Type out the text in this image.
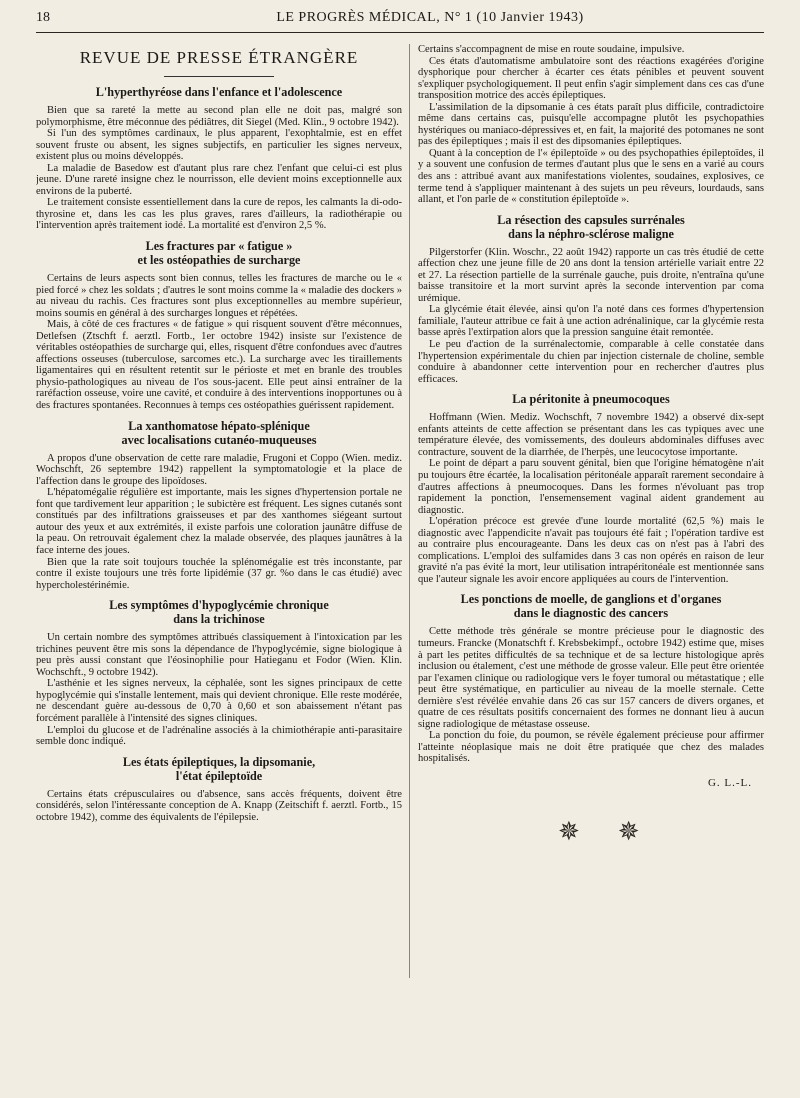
18	LE PROGRÈS MÉDICAL, N° 1 (10 Janvier 1943)
REVUE DE PRESSE ÉTRANGÈRE
L'hyperthyréose dans l'enfance et l'adolescence

Bien que sa rareté la mette au second plan elle ne doit pas, malgré son polymorphisme, être méconnue des pédiâtres, dit Siegel (Med. Klin., 9 octobre 1942).

Si l'un des symptômes cardinaux, le plus apparent, l'exophtalmie, est en effet souvent fruste ou absent, les signes subjectifs, en particulier les signes nerveux, existent plus ou moins développés.

La maladie de Basedow est d'autant plus rare chez l'enfant que celui-ci est plus jeune. D'une rareté insigne chez le nourrisson, elle devient moins exceptionnelle aux environs de la puberté.

Le traitement consiste essentiellement dans la cure de repos, les calmants la di-odo-thyrosine et, dans les cas les plus graves, rares d'ailleurs, la radiothérapie ou l'intervention après traitement iodé. La mortalité est d'environ 2,5 %.

Les fractures par « fatigue »
et les ostéopathies de surcharge

Certains de leurs aspects sont bien connus, telles les fractures de marche ou le « pied forcé » chez les soldats ; d'autres le sont moins comme la « maladie des dockers » au niveau du rachis. Ces fractures sont plus exceptionnelles au membre supérieur, moins soumis en général à des surcharges longues et répétées.

Mais, à côté de ces fractures « de fatigue » qui risquent souvent d'être méconnues, Detlefsen (Ztschft f. aerztl. Fortb., 1er octobre 1942) insiste sur l'existence de véritables ostéopathies de surcharge qui, elles, risquent d'être confondues avec d'autres affections osseuses (tuberculose, sarcomes etc.). La surcharge avec les tiraillements ligamentaires qui en résultent retentit sur le périoste et met en branle des troubles physio-pathologiques au niveau de l'os sous-jacent. Elle peut ainsi entraîner de la raréfaction osseuse, voire une cavité, et conduire à des interventions inopportunes ou à des fractures spontanées. Reconnues à temps ces ostéopathies guérissent rapidement.

La xanthomatose hépato-splénique
avec localisations cutanéo-muqueuses

A propos d'une observation de cette rare maladie, Frugoni et Coppo (Wien. mediz. Wochschft, 26 septembre 1942) rappellent la symptomatologie et la place de l'affection dans le groupe des lipoïdoses.

L'hépatomégalie régulière est importante, mais les signes d'hypertension portale ne font que tardivement leur apparition ; le subictère est fréquent. Les signes cutanés sont constitués par des infiltrations graisseuses et par des xanthomes siégeant surtout autour des yeux et aux extrémités, il existe parfois une coloration jaunâtre diffuse de la peau. On retrouvait également chez la malade observée, des plaques jaunâtres à la face interne des joues.

Bien que la rate soit toujours touchée la splénomégalie est très inconstante, par contre il existe toujours une très forte lipidémie (37 gr. %o dans le cas étudié) avec hypercholestérinémie.

Les symptômes d'hypoglycémie chronique
dans la trichinose

Un certain nombre des symptômes attribués classiquement à l'intoxication par les trichines peuvent être mis sons la dépendance de l'hypoglycémie, signe biologique à peu près aussi constant que l'éosinophilie pour Hatieganu et Fodor (Wien. Klin. Wochschft., 9 octobre 1942).

L'asthénie et les signes nerveux, la céphalée, sont les signes principaux de cette hypoglycémie qui s'installe lentement, mais qui devient chronique. Elle reste modérée, ne descendant guère au-dessous de 0,70 à 0,60 et son abaissement n'étant pas forcément parallèle à l'intensité des signes cliniques.

L'emploi du glucose et de l'adrénaline associés à la chimiothérapie anti-parasitaire semble donc indiqué.

Les états épileptiques, la dipsomanie,
l'état épileptoïde

Certains états crépusculaires ou d'absence, sans accès fréquents, doivent être considérés, selon l'intéressante conception de A. Knapp (Zeitschift f. aerztl. Fortb., 15 octobre 1942), comme des équivalents de l'épilepsie.

Certains s'accompagnent de mise en route soudaine, impulsive.

Ces états d'automatisme ambulatoire sont des réactions exagérées d'origine dysphorique pour chercher à écarter ces états pénibles et peuvent souvent s'expliquer psychologiquement. Il peut enfin s'agir simplement dans ces cas d'une transposition motrice des accès épileptiques.

L'assimilation de la dipsomanie à ces états paraît plus difficile, contradictoire même dans certains cas, puisqu'elle accompagne plutôt les psychopathies hystériques ou maniaco-dépressives et, en fait, la majorité des potomanes ne sont pas des épileptiques ; mais il est des dipsomanies épileptiques.

Quant à la conception de l'« épileptoïde » ou des psychopathies épileptoïdes, il y a souvent une confusion de termes d'autant plus que le sens en a varié au cours des ans : attribué avant aux manifestations violentes, soudaines, explosives, ce terme tend à s'appliquer maintenant à des sujets un peu rêveurs, lourdauds, sans allant, et l'on parle de « constitution épileptoïde ».

La résection des capsules surrénales
dans la néphro-sclérose maligne

Pilgerstorfer (Klin. Woschr., 22 août 1942) rapporte un cas très étudié de cette affection chez une jeune fille de 20 ans dont la tension artérielle variait entre 22 et 27. La résection partielle de la surrénale gauche, puis droite, n'entraîna qu'une baisse transitoire et la mort survint après la seconde intervention par coma urémique.

La glycémie était élevée, ainsi qu'on l'a noté dans ces formes d'hypertension familiale, l'auteur attribue ce fait à une action adrénalinique, car la glycémie resta basse après l'extirpation alors que la pression sanguine était remontée.

Le peu d'action de la surrénalectomie, comparable à celle constatée dans l'hypertension expérimentale du chien par injection cisternale de choline, semble conduire à abandonner cette intervention pour en rechercher d'autres plus efficaces.

La péritonite à pneumocoques

Hoffmann (Wien. Mediz. Wochschft, 7 novembre 1942) a observé dix-sept enfants atteints de cette affection se présentant dans les cas typiques avec une température élevée, des vomissements, des douleurs abdominales diffuses avec contracture, souvent de la diarrhée, de l'herpès, une leucocytose importante.

Le point de départ a paru souvent génital, bien que l'origine hématogène n'ait pu toujours être écartée, la localisation péritonéale apparaît rarement secondaire à d'autres affections à pneumocoques. Dans les formes n'évoluant pas trop rapidement la ponction, l'ensemensement vaginal aident grandement au diagnostic.

L'opération précoce est grevée d'une lourde mortalité (62,5 %) mais le diagnostic avec l'appendicite n'avait pas toujours été fait ; l'opération tardive est au contraire plus encourageante. Dans les deux cas on n'est pas à l'abri des complications. L'emploi des sulfamides dans 3 cas non opérés en raison de leur gravité n'a pas évité la mort, leur utilisation intrapéritonéale est mentionnée sans que l'auteur signale les avoir encore appliquées au cours de l'intervention.

Les ponctions de moelle, de ganglions et d'organes
dans le diagnostic des cancers

Cette méthode très générale se montre précieuse pour le diagnostic des tumeurs. Francke (Monatschft f. Krebsbekimpf., octobre 1942) estime que, mises à part les petites difficultés de sa technique et de sa lecture histologique après inclusion ou étalement, c'est une méthode de grosse valeur. Elle peut être orientée par l'examen clinique ou radiologique vers le foyer tumoral ou métastatique ; elle peut être systématique, en particulier au niveau de la moelle sternale. Cette dernière s'est révélée envahie dans 26 cas sur 157 cancers de divers organes, et quatre de ces résultats positifs concernaient des formes ne donnant lieu à aucun signe radiologique de métastase osseuse.

La ponction du foie, du poumon, se révèle également précieuse pour affirmer l'atteinte néoplasique mais ne doit être pratiquée que chez des malades hospitalisés.

G. L.-L.
✵ ✵
